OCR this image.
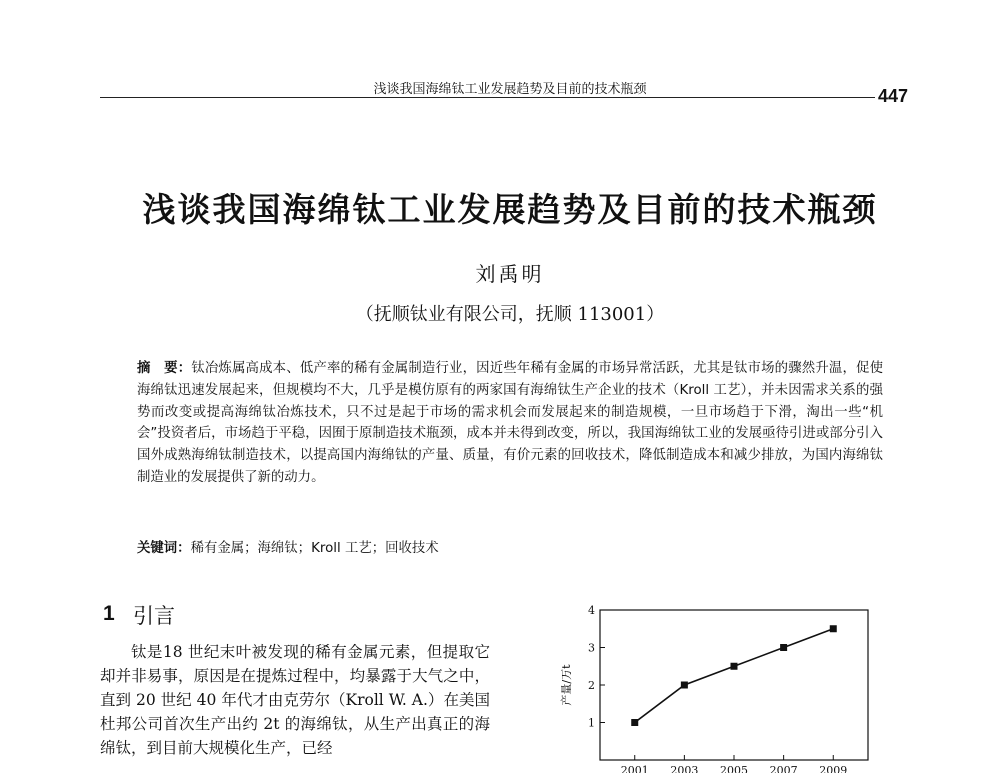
浅谈我国海绵钛工业发展趋势及目前的技术瓶颈	447
浅谈我国海绵钛工业发展趋势及目前的技术瓶颈
刘禹明
（抚顺钛业有限公司，抚顺 113001）
摘　要：钛冶炼属高成本、低产率的稀有金属制造行业，因近些年稀有金属的市场异常活跃，尤其是钛市场的骤然升温，促使海绵钛迅速发展起来，但规模均不大，几乎是模仿原有的两家国有海绵钛生产企业的技术（Kroll 工艺），并未因需求关系的强势而改变或提高海绵钛冶炼技术，只不过是起于市场的需求机会而发展起来的制造规模，一旦市场趋于下滑，淘出一些“机会”投资者后，市场趋于平稳，因囿于原制造技术瓶颈，成本并未得到改变，所以，我国海绵钛工业的发展亟待引进或部分引入国外成熟海绵钛制造技术，以提高国内海绵钛的产量、质量，有价元素的回收技术，降低制造成本和减少排放，为国内海绵钛制造业的发展提供了新的动力。
关键词：稀有金属；海绵钛；Kroll 工艺；回收技术
1 引言

钛是18 世纪末叶被发现的稀有金属元素，但提取它却并非易事，原因是在提炼过程中，均暴露于大气之中，直到 20 世纪 40 年代才由克劳尔（Kroll W. A.）在美国杜邦公司首次生产出约 2t 的海绵钛，从生产出真正的海绵钛，到目前大规模化生产，已经

1
2
3
4
2001 2003 2005 2007 2009
产量/万t
